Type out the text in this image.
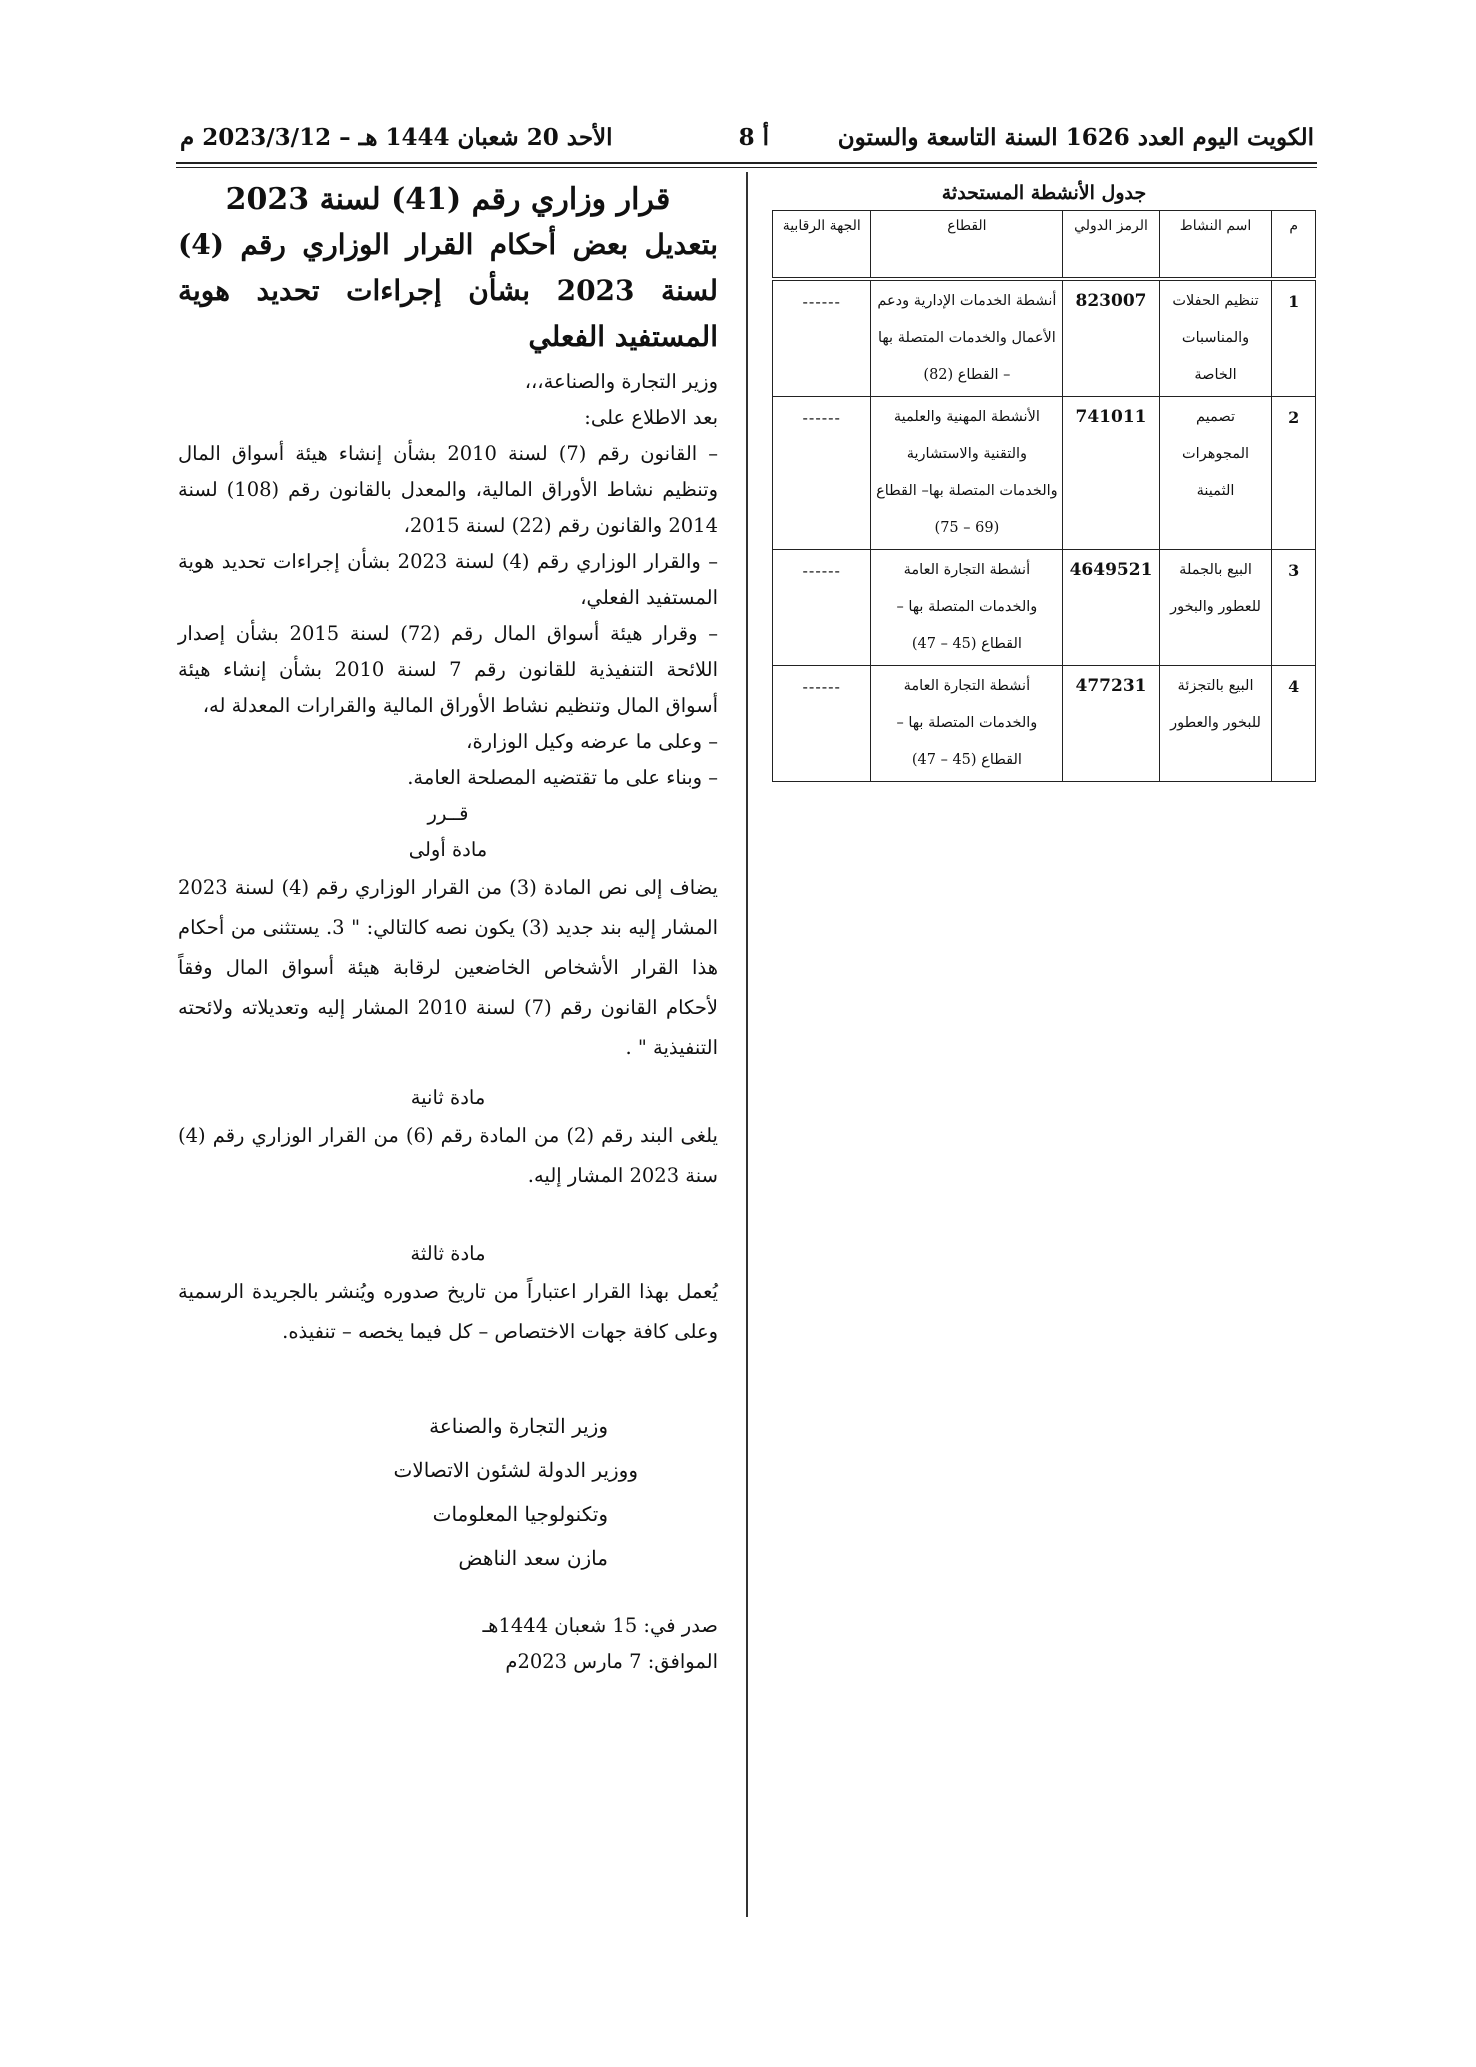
الكويت اليوم العدد 1626 السنة التاسعة والستون
أ 8
الأحد 20 شعبان 1444 هـ – 2023/3/12 م

جدول الأنشطة المستحدثة

م	اسم النشاط	الرمز الدولي	القطاع	الجهة الرقابية
1	تنظيم الحفلات والمناسبات الخاصة	823007	أنشطة الخدمات الإدارية ودعم الأعمال والخدمات المتصلة بها – القطاع (82)	------
2	تصميم المجوهرات الثمينة	741011	الأنشطة المهنية والعلمية والتقنية والاستشارية والخدمات المتصلة بها– القطاع (69 – 75)	------
3	البيع بالجملة للعطور والبخور	4649521	أنشطة التجارة العامة والخدمات المتصلة بها – القطاع (45 – 47)	------
4	البيع بالتجزئة للبخور والعطور	477231	أنشطة التجارة العامة والخدمات المتصلة بها – القطاع (45 – 47)	------

قرار وزاري رقم (41) لسنة 2023

بتعديل بعض أحكام القرار الوزاري رقم (4) لسنة 2023 بشأن إجراءات تحديد هوية المستفيد الفعلي

وزير التجارة والصناعة،،،

بعد الاطلاع على:

– القانون رقم (7) لسنة 2010 بشأن إنشاء هيئة أسواق المال وتنظيم نشاط الأوراق المالية، والمعدل بالقانون رقم (108) لسنة 2014 والقانون رقم (22) لسنة 2015،

– والقرار الوزاري رقم (4) لسنة 2023 بشأن إجراءات تحديد هوية المستفيد الفعلي،

– وقرار هيئة أسواق المال رقم (72) لسنة 2015 بشأن إصدار اللائحة التنفيذية للقانون رقم 7 لسنة 2010 بشأن إنشاء هيئة أسواق المال وتنظيم نشاط الأوراق المالية والقرارات المعدلة له،

– وعلى ما عرضه وكيل الوزارة،

– وبناء على ما تقتضيه المصلحة العامة.

قــرر

مادة أولى

يضاف إلى نص المادة (3) من القرار الوزاري رقم (4) لسنة 2023 المشار إليه بند جديد (3) يكون نصه كالتالي: " 3. يستثنى من أحكام هذا القرار الأشخاص الخاضعين لرقابة هيئة أسواق المال وفقاً لأحكام القانون رقم (7) لسنة 2010 المشار إليه وتعديلاته ولائحته التنفيذية " .

مادة ثانية

يلغى البند رقم (2) من المادة رقم (6) من القرار الوزاري رقم (4) سنة 2023 المشار إليه.

مادة ثالثة

يُعمل بهذا القرار اعتباراً من تاريخ صدوره ويُنشر بالجريدة الرسمية وعلى كافة جهات الاختصاص – كل فيما يخصه – تنفيذه.

وزير التجارة والصناعة

ووزير الدولة لشئون الاتصالات

وتكنولوجيا المعلومات

مازن سعد الناهض

صدر في: 15 شعبان 1444هـ

الموافق: 7 مارس 2023م
